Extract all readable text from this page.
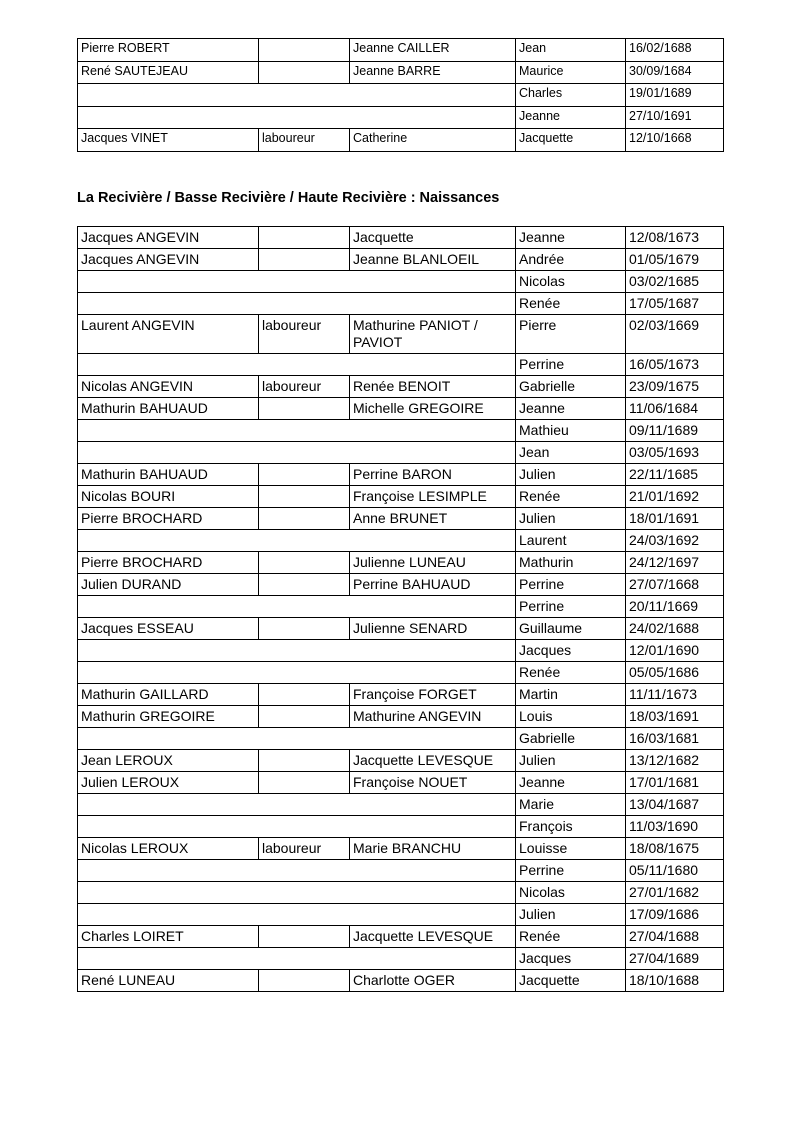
Pierre ROBERT		Jeanne CAILLER	Jean	16/02/1688
René SAUTEJEAU		Jeanne BARRE	Maurice	30/09/1684
			Charles	19/01/1689
			Jeanne	27/10/1691
Jacques VINET	laboureur	Catherine	Jacquette	12/10/1668
La Recivière / Basse Recivière / Haute Recivière : Naissances
Jacques ANGEVIN		Jacquette	Jeanne	12/08/1673
Jacques ANGEVIN		Jeanne BLANLOEIL	Andrée	01/05/1679
			Nicolas	03/02/1685
			Renée	17/05/1687
Laurent ANGEVIN	laboureur	Mathurine PANIOT / PAVIOT	Pierre	02/03/1669
			Perrine	16/05/1673
Nicolas ANGEVIN	laboureur	Renée BENOIT	Gabrielle	23/09/1675
Mathurin BAHUAUD		Michelle GREGOIRE	Jeanne	11/06/1684
			Mathieu	09/11/1689
			Jean	03/05/1693
Mathurin BAHUAUD		Perrine BARON	Julien	22/11/1685
Nicolas BOURI		Françoise LESIMPLE	Renée	21/01/1692
Pierre BROCHARD		Anne BRUNET	Julien	18/01/1691
			Laurent	24/03/1692
Pierre BROCHARD		Julienne LUNEAU	Mathurin	24/12/1697
Julien DURAND		Perrine BAHUAUD	Perrine	27/07/1668
			Perrine	20/11/1669
Jacques ESSEAU		Julienne SENARD	Guillaume	24/02/1688
			Jacques	12/01/1690
			Renée	05/05/1686
Mathurin GAILLARD		Françoise FORGET	Martin	11/11/1673
Mathurin GREGOIRE		Mathurine ANGEVIN	Louis	18/03/1691
			Gabrielle	16/03/1681
Jean LEROUX		Jacquette LEVESQUE	Julien	13/12/1682
Julien LEROUX		Françoise NOUET	Jeanne	17/01/1681
			Marie	13/04/1687
			François	11/03/1690
Nicolas LEROUX	laboureur	Marie BRANCHU	Louisse	18/08/1675
			Perrine	05/11/1680
			Nicolas	27/01/1682
			Julien	17/09/1686
Charles LOIRET		Jacquette LEVESQUE	Renée	27/04/1688
			Jacques	27/04/1689
René LUNEAU		Charlotte OGER	Jacquette	18/10/1688
